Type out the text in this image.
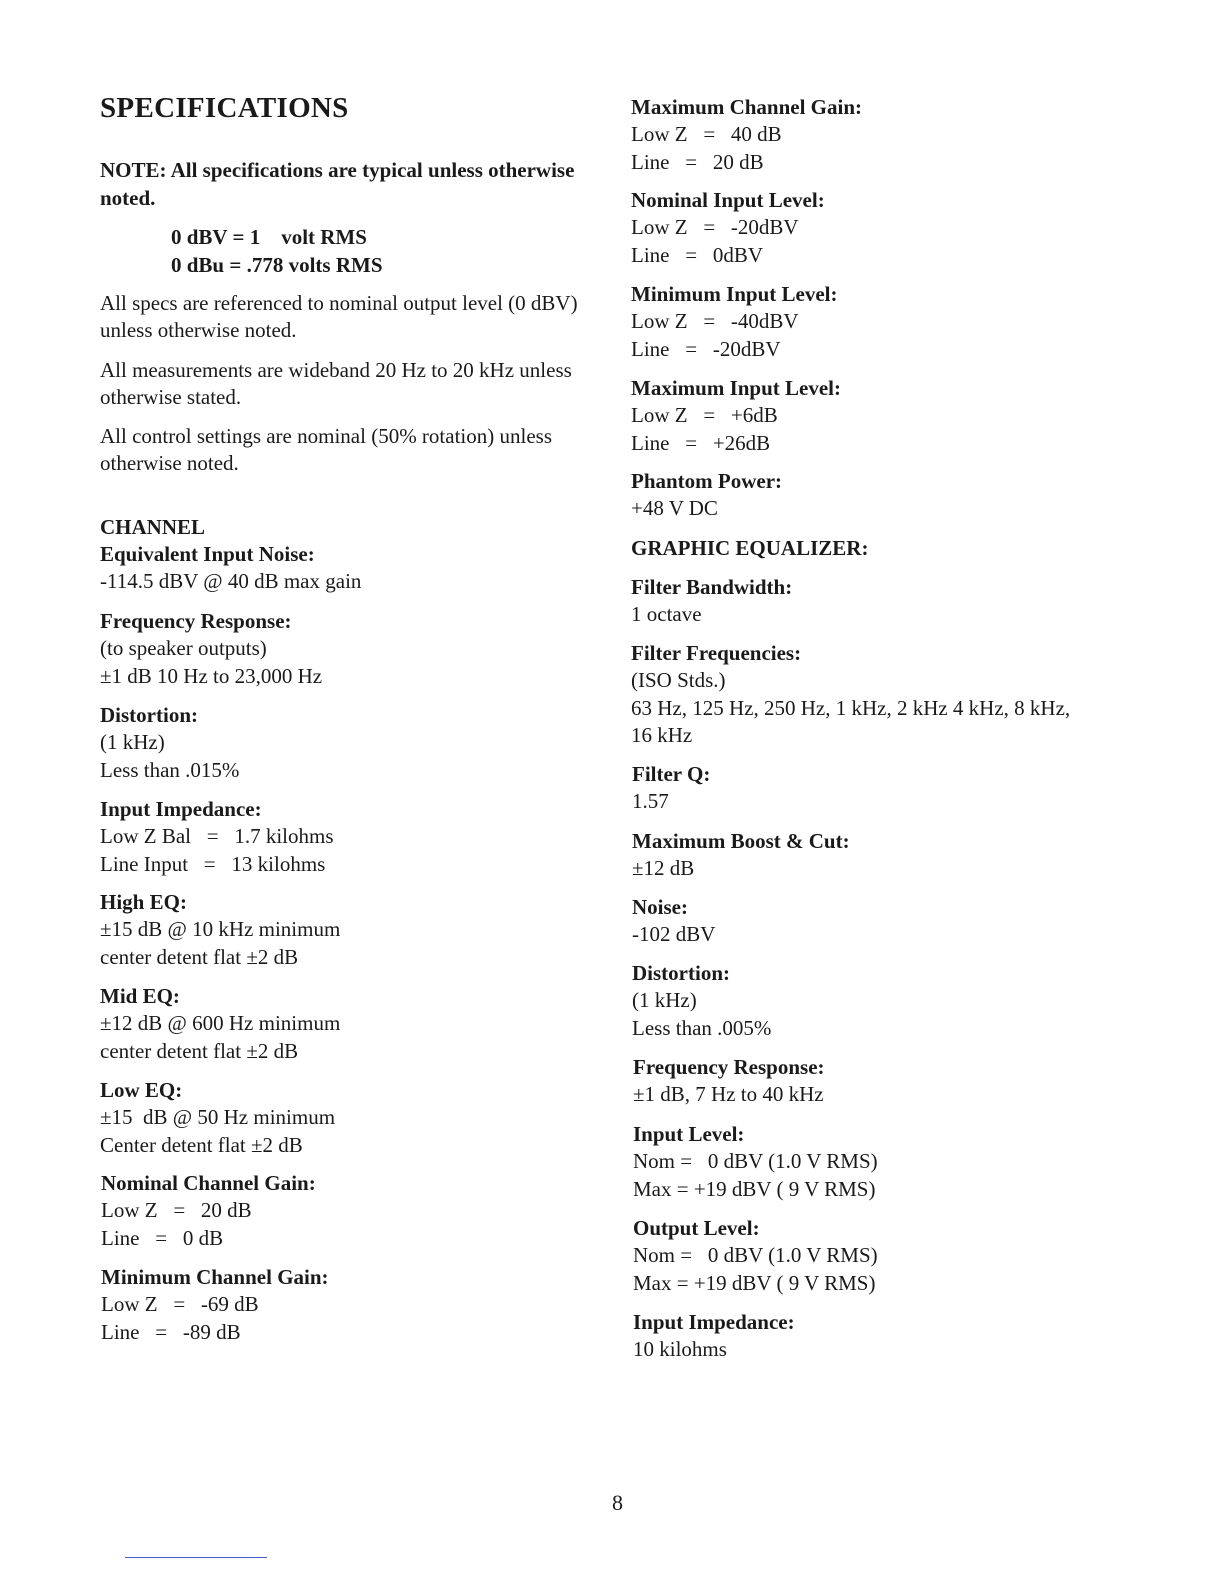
SPECIFICATIONS

NOTE: All specifications are typical unless otherwise noted.

0 dBV = 1    volt RMS

0 dBu = .778 volts RMS

All specs are referenced to nominal output level (0 dBV) unless otherwise noted.

All measurements are wideband 20 Hz to 20 kHz unless otherwise stated.

All control settings are nominal (50% rotation) unless otherwise noted.

CHANNEL

Equivalent Input Noise:
-114.5 dBV @ 40 dB max gain
Frequency Response:
(to speaker outputs)
±1 dB 10 Hz to 23,000 Hz
Distortion:
(1 kHz)
Less than .015%
Input Impedance:
Low Z Bal   =   1.7 kilohms
Line Input   =   13 kilohms
High EQ:
±15 dB @ 10 kHz minimum
center detent flat ±2 dB
Mid EQ:
±12 dB @ 600 Hz minimum
center detent flat ±2 dB
Low EQ:
±15  dB @ 50 Hz minimum
Center detent flat ±2 dB
Nominal Channel Gain:
Low Z   =   20 dB
Line   =   0 dB
Minimum Channel Gain:
Low Z   =   -69 dB
Line   =   -89 dB
Maximum Channel Gain:
Low Z   =   40 dB
Line   =   20 dB
Nominal Input Level:
Low Z   =   -20dBV
Line   =   0dBV
Minimum Input Level:
Low Z   =   -40dBV
Line   =   -20dBV
Maximum Input Level:
Low Z   =   +6dB
Line   =   +26dB
Phantom Power:
+48 V DC
GRAPHIC EQUALIZER:
Filter Bandwidth:
1 octave
Filter Frequencies:
(ISO Stds.)
63 Hz, 125 Hz, 250 Hz, 1 kHz, 2 kHz 4 kHz, 8 kHz,
16 kHz
Filter Q:
1.57
Maximum Boost & Cut:
±12 dB
Noise:
-102 dBV
Distortion:
(1 kHz)
Less than .005%
Frequency Response:
±1 dB, 7 Hz to 40 kHz
Input Level:
Nom =   0 dBV (1.0 V RMS)
Max = +19 dBV ( 9 V RMS)
Output Level:
Nom =   0 dBV (1.0 V RMS)
Max = +19 dBV ( 9 V RMS)
Input Impedance:
10 kilohms

8
